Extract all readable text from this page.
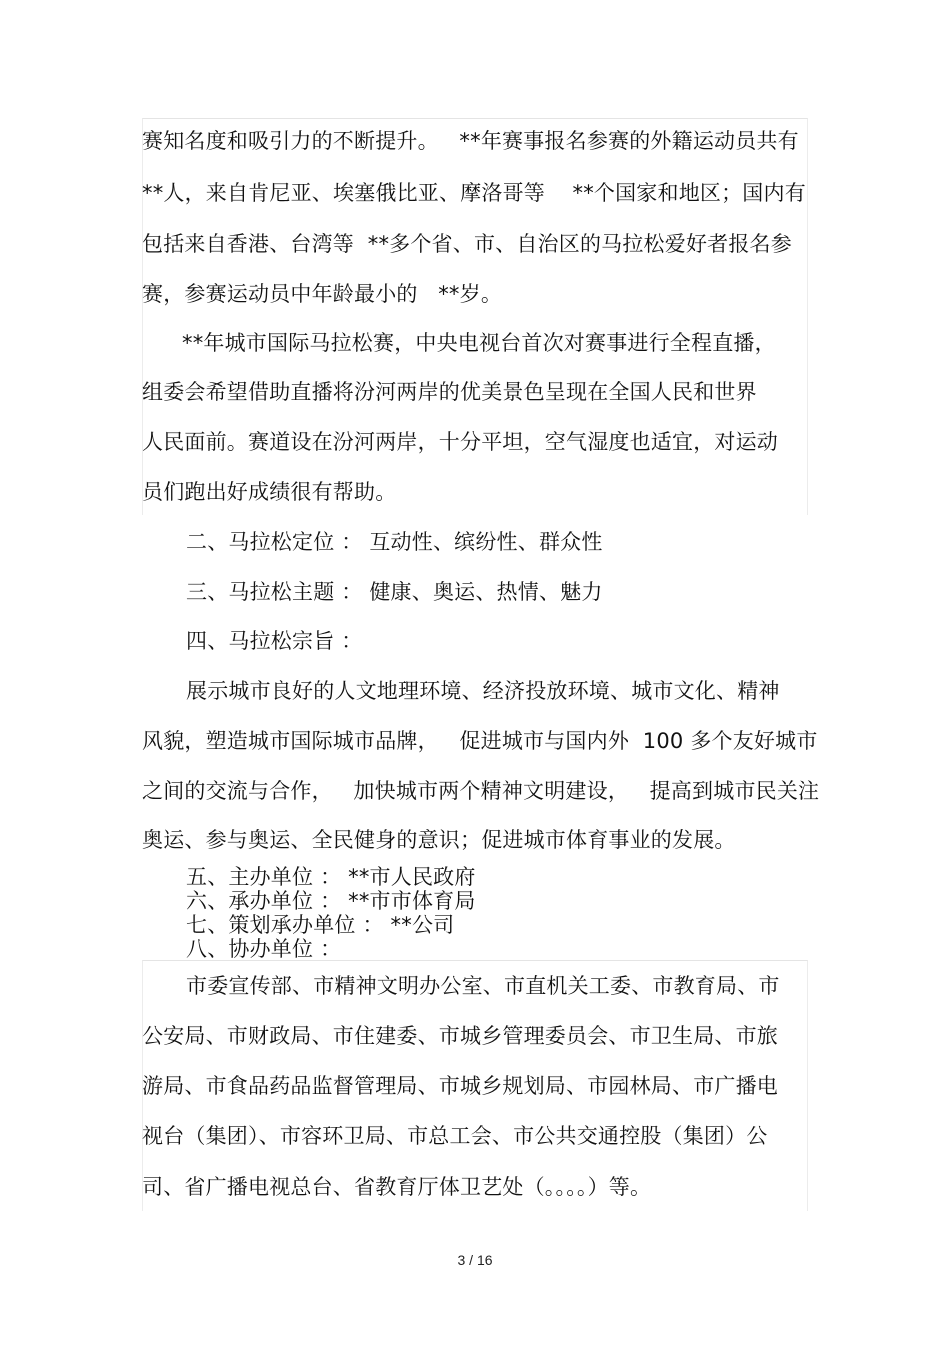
赛知名度和吸引力的不断提升。   **年赛事报名参赛的外籍运动员共有
**人，来自肯尼亚、埃塞俄比亚、摩洛哥等    **个国家和地区；国内有
包括来自香港、台湾等  **多个省、市、自治区的马拉松爱好者报名参
赛，参赛运动员中年龄最小的   **岁。
**年城市国际马拉松赛，中央电视台首次对赛事进行全程直播，
组委会希望借助直播将汾河两岸的优美景色呈现在全国人民和世界
人民面前。赛道设在汾河两岸，十分平坦，空气湿度也适宜，对运动
员们跑出好成绩很有帮助。
二、马拉松定位 ： 互动性、缤纷性、群众性
三、马拉松主题 ： 健康、奥运、热情、魅力
四、马拉松宗旨 ：
展示城市良好的人文地理环境、经济投放环境、城市文化、精神
风貌，塑造城市国际城市品牌，   促进城市与国内外  100 多个友好城市
之间的交流与合作，   加快城市两个精神文明建设，   提高到城市民关注
奥运、参与奥运、全民健身的意识；促进城市体育事业的发展。
五、主办单位 ： **市人民政府
六、承办单位 ： **市市体育局
七、策划承办单位 ： **公司
八、协办单位 ：
市委宣传部、市精神文明办公室、市直机关工委、市教育局、市
公安局、市财政局、市住建委、市城乡管理委员会、市卫生局、市旅
游局、市食品药品监督管理局、市城乡规划局、市园林局、市广播电
视台（集团）、市容环卫局、市总工会、市公共交通控股（集团）公
司、省广播电视总台、省教育厅体卫艺处（。。。。）等。
3 / 16
